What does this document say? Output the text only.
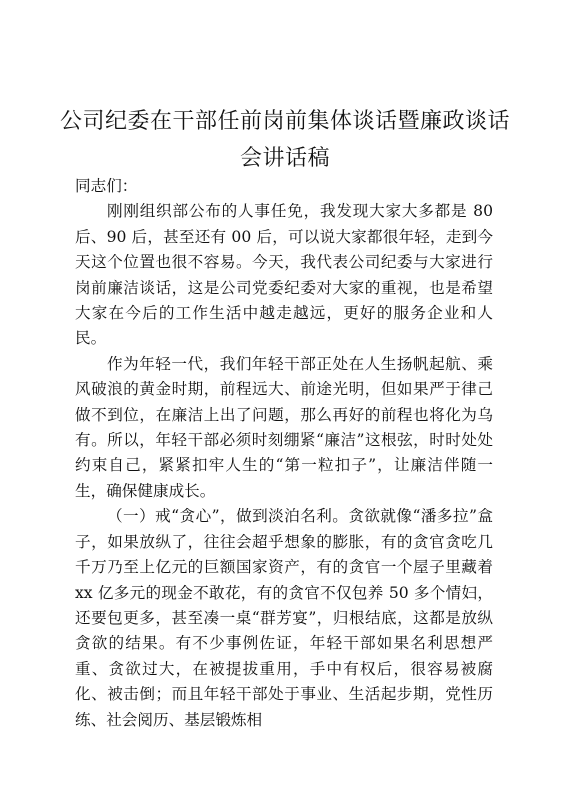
公司纪委在干部任前岗前集体谈话暨廉政谈话
会讲话稿

同志们：

刚刚组织部公布的人事任免，我发现大家大多都是 80 后、90 后，甚至还有 00 后，可以说大家都很年轻，走到今天这个位置也很不容易。今天，我代表公司纪委与大家进行岗前廉洁谈话，这是公司党委纪委对大家的重视，也是希望大家在今后的工作生活中越走越远，更好的服务企业和人民。

作为年轻一代，我们年轻干部正处在人生扬帆起航、乘风破浪的黄金时期，前程远大、前途光明，但如果严于律己做不到位，在廉洁上出了问题，那么再好的前程也将化为乌有。所以，年轻干部必须时刻绷紧“廉洁”这根弦，时时处处约束自己，紧紧扣牢人生的“第一粒扣子”，让廉洁伴随一生，确保健康成长。

（一）戒“贪心”，做到淡泊名利。贪欲就像“潘多拉”盒子，如果放纵了，往往会超乎想象的膨胀，有的贪官贪吃几千万乃至上亿元的巨额国家资产，有的贪官一个屋子里藏着 xx 亿多元的现金不敢花，有的贪官不仅包养 50 多个情妇，还要包更多，甚至凑一桌“群芳宴”，归根结底，这都是放纵贪欲的结果。有不少事例佐证，年轻干部如果名利思想严重、贪欲过大，在被提拔重用，手中有权后，很容易被腐化、被击倒；而且年轻干部处于事业、生活起步期，党性历练、社会阅历、基层锻炼相
